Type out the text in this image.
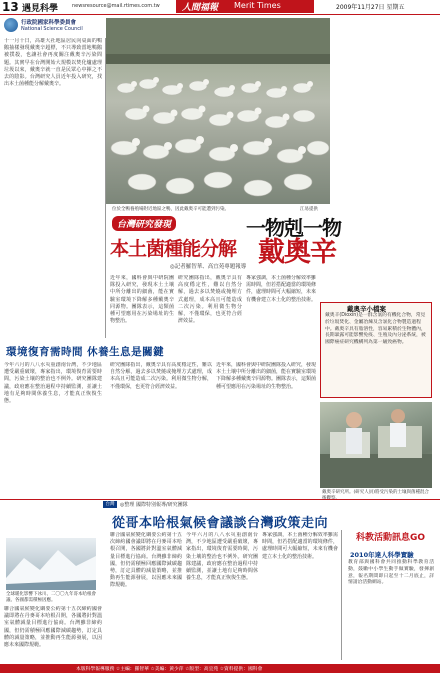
13 遇見科學	newsresource@mail.rtimes.com.tw 人間福報 Merit Times	2009年11月27日 星期五
行政院國家科學委員會
National Science Council
十一月十日，高雄大社地區居民向桌面的鴨鵝抽樣發現戴奧辛超標，不只導致當地鴨鵝被撲殺，也讓社會再度關注戴奧辛污染問題。其實早在台灣開始大規模以焚化爐處理垃圾以來，戴奧辛就一直是民眾心中揮之不去的陰影。台灣研究人員近年投入研究，找出本土菌種能分解戴奧辛。
位於全鴨養殖場附近地區之鴨，因此戴奧辛可能遭到污染。	江易提供
台灣研究發現	一物剋一物
本土菌種能分解 戴奧辛
◎記者羅智華、高宜苑專題報導
近年來，國科會與中研院團隊投入研究，發現本土土壤中所分離出的細菌，能在實驗室環境下降解多種戴奧辛同源物。團隊表示，這類菌種可望應用在污染場址的生物整治。
研究團隊指出，戴奧辛具有高度穩定性，難以自然分解，過去多以焚燒或掩埋方式處理，成本高且可能造成二次污染。利用微生物分解，不僅環保，也更符合經濟效益。
專家強調，本土菌種分解效率雖需時間，但若搭配適當的環境條件，處理時間可大幅縮短，未來有機會建立本土化的整治技術。
戴奧辛小檔案
戴奧辛(Dioxin)是一群含氯的有機化合物，常見於垃圾焚化、金屬冶煉及含氯化合物製造過程中。戴奧辛具有脂溶性，容易累積於生物體內，長期暴露可能影響免疫、生殖及內分泌系統，被國際癌症研究機構列為第一級致癌物。
戴奧辛研究所。(研究人員)將受污染的土壤與菌種混合
環境復育需時間 休養生息是關鍵
今年六月的八八水災重創南台灣，不少地區遭受嚴重破壞，專家指出，環境復育需要時間，污染土壤的整治也不例外。研究團隊建議，政府應在整治過程中持續監測，並讓土地有足夠時間休養生息，才能真正恢復生態。
研究團隊指出，戴奧辛具有高度穩定性，難以自然分解，過去多以焚燒或掩埋方式處理，成本高且可能造成二次污染。利用微生物分解，不僅環保，也更符合經濟效益。
近年來，國科會與中研院團隊投入研究，發現本土土壤中所分離出的細菌，能在實驗室環境下降解多種戴奧辛同源物。團隊表示，這類菌種可望應用在污染場址的生物整治。
台灣	◎整理 國際特別報導/研究團隊
從哥本哈根氣候會議談台灣政策走向
全球暖化影響下冰川、二〇〇九年哥本哈根會議、各國都需積極因應。
聯合國氣候變化綱要公約第十五次締約國會議即將在丹麥哥本哈根召開，各國將針對溫室氣體減量目標進行協商。台灣雖非締約國，但仍需積極回應國際減碳趨勢，訂定具體的減量策略，並推動再生能源發展，以因應未來國際規範。
聯合國氣候變化綱要公約第十五次締約國會議即將在丹麥哥本哈根召開，各國將針對溫室氣體減量目標進行協商。台灣雖非締約國，但仍需積極回應國際減碳趨勢，訂定具體的減量策略，並推動再生能源發展，以因應未來國際規範。
今年六月的八八水災重創南台灣，不少地區遭受嚴重破壞，專家指出，環境復育需要時間，污染土壤的整治也不例外。研究團隊建議，政府應在整治過程中持續監測，並讓土地有足夠時間休養生息，才能真正恢復生態。
專家強調，本土菌種分解效率雖需時間，但若搭配適當的環境條件，處理時間可大幅縮短，未來有機會建立本土化的整治技術。
科教活動訊息GO
2010年達人科學實驗
教育部與國科會共同推動科學教育活動，鼓勵中小學生動手做實驗，發揮創意，報名期間即日起至十二月底止，詳情請洽活動網站。
本版科學報導服務 ☆主編：羅智華 ☆美編：黃少萍 ☆版型：高宜苑 ☆資料提供：國科會
